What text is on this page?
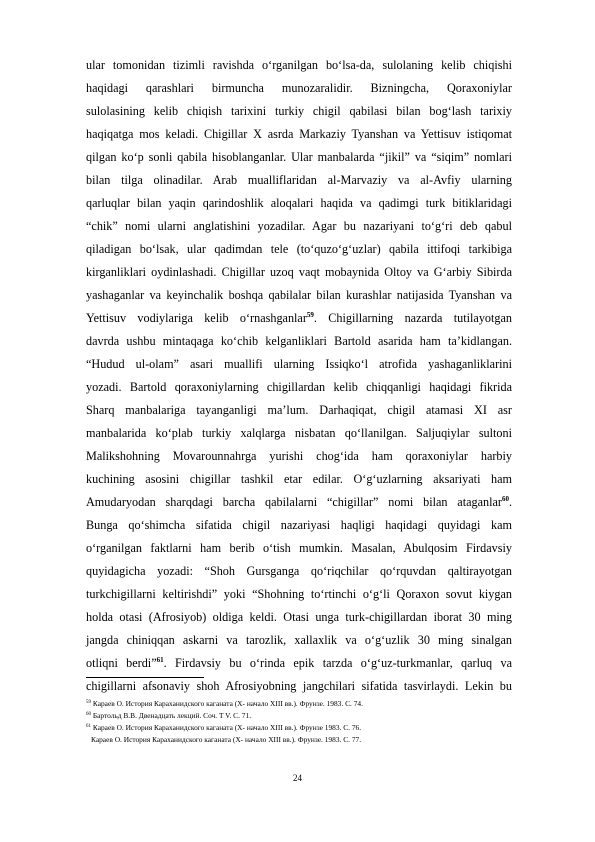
ular tomonidan tizimli ravishda o‘rganilgan bo‘lsa-da, sulolaning kelib chiqishi

haqidagi qarashlari birmuncha munozaralidir. Bizningcha, Qoraxoniylar

sulolasining kelib chiqish tarixini turkiy chigil qabilasi bilan bog‘lash tarixiy

haqiqatga mos keladi. Chigillar X asrda Markaziy Tyanshan va Yettisuv istiqomat

qilgan ko‘p sonli qabila hisoblanganlar. Ular manbalarda “jikil” va “siqim” nomlari

bilan tilga olinadilar. Arab mualliflaridan al-Marvaziy va al-Avfiy ularning

qarluqlar bilan yaqin qarindoshlik aloqalari haqida va qadimgi turk bitiklaridagi

“chik” nomi ularni anglatishini yozadilar. Agar bu nazariyani to‘g‘ri deb qabul

qiladigan bo‘lsak, ular qadimdan tele (to‘quzo‘g‘uzlar) qabila ittifoqi tarkibiga

kirganliklari oydinlashadi. Chigillar uzoq vaqt mobaynida Oltoy va G‘arbiy Sibirda

yashaganlar va keyinchalik boshqa qabilalar bilan kurashlar natijasida Tyanshan va

Yettisuv vodiylariga kelib o‘rnashganlar$^{59}$. Chigillarning nazarda tutilayotgan

davrda ushbu mintaqaga ko‘chib kelganliklari Bartold asarida ham ta’kidlangan.

“Hudud ul-olam” asari muallifi ularning Issiqko‘l atrofida yashaganliklarini

yozadi. Bartold qoraxoniylarning chigillardan kelib chiqqanligi haqidagi fikrida

Sharq manbalariga tayanganligi ma’lum. Darhaqiqat, chigil atamasi XI asr

manbalarida ko‘plab turkiy xalqlarga nisbatan qo‘llanilgan. Saljuqiylar sultoni

Malikshohning Movarounnahrga yurishi chog‘ida ham qoraxoniylar harbiy

kuchining asosini chigillar tashkil etar edilar. O‘g‘uzlarning aksariyati ham

Amudaryodan sharqdagi barcha qabilalarni “chigillar” nomi bilan ataganlar$^{60}$.

Bunga qo‘shimcha sifatida chigil nazariyasi haqligi haqidagi quyidagi kam

o‘rganilgan faktlarni ham berib o‘tish mumkin. Masalan, Abulqosim Firdavsiy

quyidagicha yozadi: “Shoh Gursganga qo‘riqchilar qo‘rquvdan qaltirayotgan

turkchigillarni keltirishdi” yoki “Shohning to‘rtinchi o‘g‘li Qoraxon sovut kiygan

holda otasi (Afrosiyob) oldiga keldi. Otasi unga turk-chigillardan iborat 30 ming

jangda chiniqqan askarni va tarozlik, xallaxlik va o‘g‘uzlik 30 ming sinalgan

otliqni berdi”$^{61}$. Firdavsiy bu o‘rinda epik tarzda o‘g‘uz-turkmanlar, qarluq va

chigillarni afsonaviy shoh Afrosiyobning jangchilari sifatida tasvirlaydi. Lekin bu

$^{59}$ Караев О. История Караханидского каганата (X- начало XIII вв.). Фрунзе. 1983. С. 74.

$^{60}$ Бартольд В.В. Двенадцать лекций. Соч. T V. C. 71.

$^{61}$ Караев О. История Караханидского каганата (X- начало XIII вв.). Фрунзе 1983. С. 76.

Караев О. История Караханидского каганата (X- начало XIII вв.). Фрунзе. 1983. С. 77.

24
